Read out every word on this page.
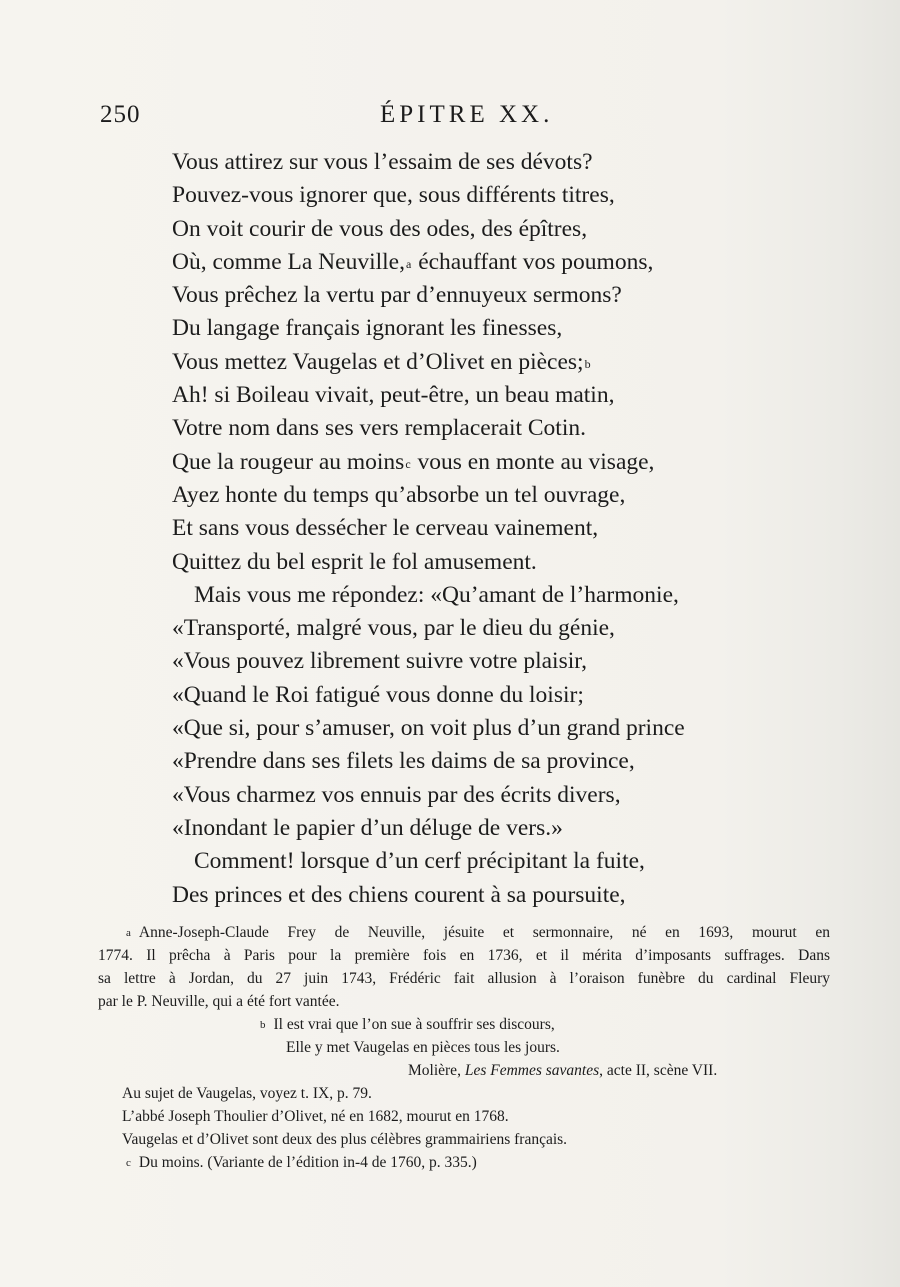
250	ÉPITRE XX.
Vous attirez sur vous l’essaim de ses dévots?
Pouvez-vous ignorer que, sous différents titres,
On voit courir de vous des odes, des épîtres,
Où, comme La Neuville,$^a$ échauffant vos poumons,
Vous prêchez la vertu par d’ennuyeux sermons?
Du langage français ignorant les finesses,
Vous mettez Vaugelas et d’Olivet en pièces;$^b$
Ah! si Boileau vivait, peut-être, un beau matin,
Votre nom dans ses vers remplacerait Cotin.
Que la rougeur au moins$^c$ vous en monte au visage,
Ayez honte du temps qu’absorbe un tel ouvrage,
Et sans vous dessécher le cerveau vainement,
Quittez du bel esprit le fol amusement.
Mais vous me répondez: «Qu’amant de l’harmonie,
«Transporté, malgré vous, par le dieu du génie,
«Vous pouvez librement suivre votre plaisir,
«Quand le Roi fatigué vous donne du loisir;
«Que si, pour s’amuser, on voit plus d’un grand prince
«Prendre dans ses filets les daims de sa province,
«Vous charmez vos ennuis par des écrits divers,
«Inondant le papier d’un déluge de vers.»
Comment! lorsque d’un cerf précipitant la fuite,
Des princes et des chiens courent à sa poursuite,
$^a$ Anne-Joseph-Claude Frey de Neuville, jésuite et sermonnaire, né en 1693, mourut en
1774. Il prêcha à Paris pour la première fois en 1736, et il mérita d’imposants suffrages. Dans
sa lettre à Jordan, du 27 juin 1743, Frédéric fait allusion à l’oraison funèbre du cardinal Fleury
par le P. Neuville, qui a été fort vantée.
$^b$ Il est vrai que l’on sue à souffrir ses discours,
Elle y met Vaugelas en pièces tous les jours.
Molière, Les Femmes savantes, acte II, scène VII.
Au sujet de Vaugelas, voyez t. IX, p. 79.
L’abbé Joseph Thoulier d’Olivet, né en 1682, mourut en 1768.
Vaugelas et d’Olivet sont deux des plus célèbres grammairiens français.
$^c$ Du moins. (Variante de l’édition in-4 de 1760, p. 335.)
